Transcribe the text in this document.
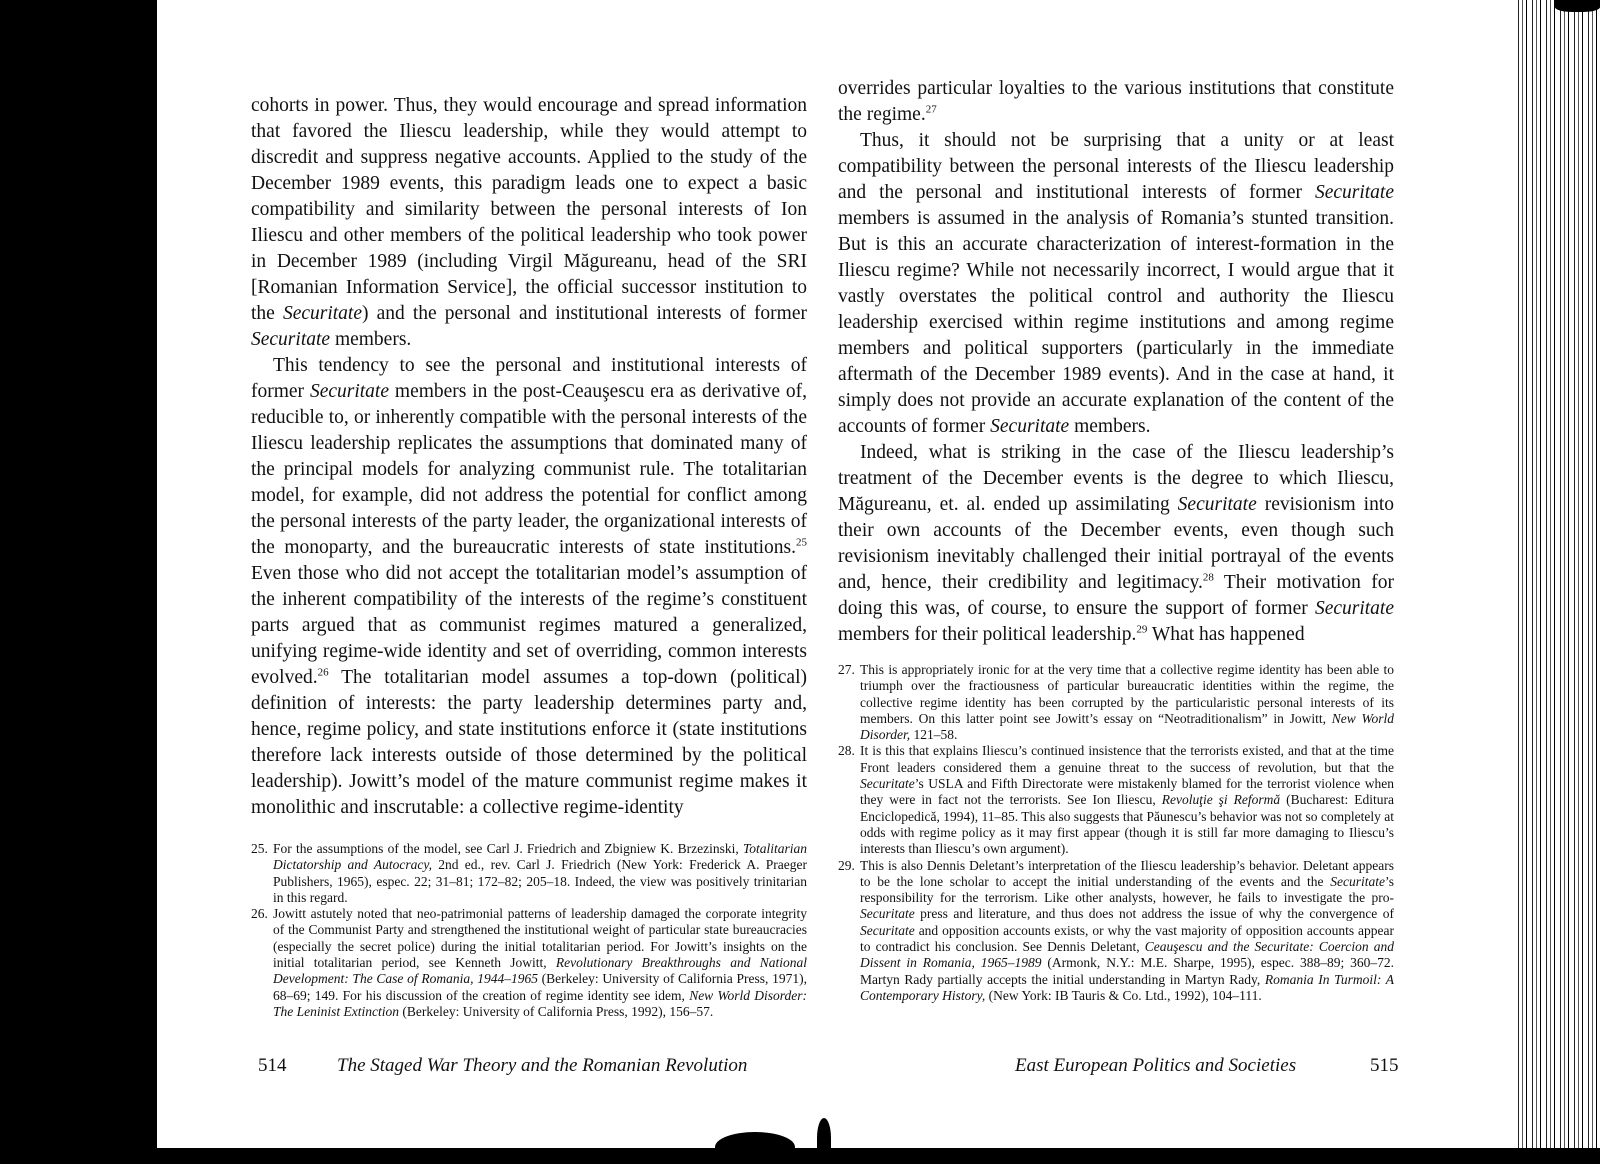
cohorts in power. Thus, they would encourage and spread information that favored the Iliescu leadership, while they would attempt to discredit and suppress negative accounts. Applied to the study of the December 1989 events, this paradigm leads one to expect a basic compatibility and similarity between the personal interests of Ion Iliescu and other members of the political leadership who took power in December 1989 (including Virgil Măgureanu, head of the SRI [Romanian Information Service], the official successor institution to the Securitate) and the personal and institutional interests of former Securitate members.

This tendency to see the personal and institutional interests of former Securitate members in the post-Ceauşescu era as derivative of, reducible to, or inherently compatible with the personal interests of the Iliescu leadership replicates the assumptions that dominated many of the principal models for analyzing communist rule. The totalitarian model, for example, did not address the potential for conflict among the personal interests of the party leader, the organizational interests of the monoparty, and the bureaucratic interests of state institutions.$^{25}$ Even those who did not accept the totalitarian model’s assumption of the inherent compatibility of the interests of the regime’s constituent parts argued that as communist regimes matured a generalized, unifying regime-wide identity and set of overriding, common interests evolved.$^{26}$ The totalitarian model assumes a top-down (political) definition of interests: the party leadership determines party and, hence, regime policy, and state institutions enforce it (state institutions therefore lack interests outside of those determined by the political leadership). Jowitt’s model of the mature communist regime makes it monolithic and inscrutable: a collective regime-identity

25. For the assumptions of the model, see Carl J. Friedrich and Zbigniew K. Brzezinski, Totalitarian Dictatorship and Autocracy, 2nd ed., rev. Carl J. Friedrich (New York: Frederick A. Praeger Publishers, 1965), espec. 22; 31–81; 172–82; 205–18. Indeed, the view was positively trinitarian in this regard.
26. Jowitt astutely noted that neo-patrimonial patterns of leadership damaged the corporate integrity of the Communist Party and strengthened the institutional weight of particular state bureaucracies (especially the secret police) during the initial totalitarian period. For Jowitt’s insights on the initial totalitarian period, see Kenneth Jowitt, Revolutionary Breakthroughs and National Development: The Case of Romania, 1944–1965 (Berkeley: University of California Press, 1971), 68–69; 149. For his discussion of the creation of regime identity see idem, New World Disorder: The Leninist Extinction (Berkeley: University of California Press, 1992), 156–57.

overrides particular loyalties to the various institutions that constitute the regime.$^{27}$

Thus, it should not be surprising that a unity or at least compatibility between the personal interests of the Iliescu leadership and the personal and institutional interests of former Securitate members is assumed in the analysis of Romania’s stunted transition. But is this an accurate characterization of interest-formation in the Iliescu regime? While not necessarily incorrect, I would argue that it vastly overstates the political control and authority the Iliescu leadership exercised within regime institutions and among regime members and political supporters (particularly in the immediate aftermath of the December 1989 events). And in the case at hand, it simply does not provide an accurate explanation of the content of the accounts of former Securitate members.

Indeed, what is striking in the case of the Iliescu leadership’s treatment of the December events is the degree to which Iliescu, Măgureanu, et. al. ended up assimilating Securitate revisionism into their own accounts of the December events, even though such revisionism inevitably challenged their initial portrayal of the events and, hence, their credibility and legitimacy.$^{28}$ Their motivation for doing this was, of course, to ensure the support of former Securitate members for their political leadership.$^{29}$ What has happened

27. This is appropriately ironic for at the very time that a collective regime identity has been able to triumph over the fractiousness of particular bureaucratic identities within the regime, the collective regime identity has been corrupted by the particularistic personal interests of its members. On this latter point see Jowitt’s essay on “Neotraditionalism” in Jowitt, New World Disorder, 121–58.
28. It is this that explains Iliescu’s continued insistence that the terrorists existed, and that at the time Front leaders considered them a genuine threat to the success of revolution, but that the Securitate’s USLA and Fifth Directorate were mistakenly blamed for the terrorist violence when they were in fact not the terrorists. See Ion Iliescu, Revoluţie şi Reformă (Bucharest: Editura Enciclopedică, 1994), 11–85. This also suggests that Păunescu’s behavior was not so completely at odds with regime policy as it may first appear (though it is still far more damaging to Iliescu’s interests than Iliescu’s own argument).
29. This is also Dennis Deletant’s interpretation of the Iliescu leadership’s behavior. Deletant appears to be the lone scholar to accept the initial understanding of the events and the Securitate’s responsibility for the terrorism. Like other analysts, however, he fails to investigate the pro-Securitate press and literature, and thus does not address the issue of why the convergence of Securitate and opposition accounts exists, or why the vast majority of opposition accounts appear to contradict his conclusion. See Dennis Deletant, Ceauşescu and the Securitate: Coercion and Dissent in Romania, 1965–1989 (Armonk, N.Y.: M.E. Sharpe, 1995), espec. 388–89; 360–72. Martyn Rady partially accepts the initial understanding in Martyn Rady, Romania In Turmoil: A Contemporary History, (New York: IB Tauris & Co. Ltd., 1992), 104–111.
514	The Staged War Theory and the Romanian Revolution	East European Politics and Societies	515
